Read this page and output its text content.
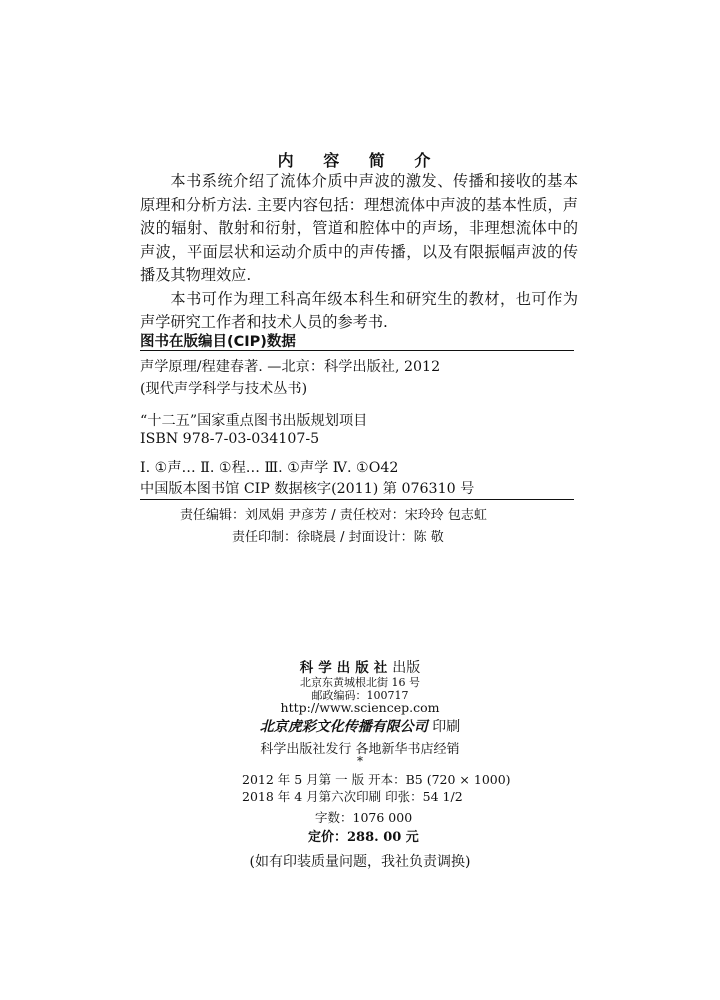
内 容 简 介

本书系统介绍了流体介质中声波的激发、传播和接收的基本原理和分析方法. 主要内容包括：理想流体中声波的基本性质，声波的辐射、散射和衍射，管道和腔体中的声场，非理想流体中的声波，平面层状和运动介质中的声传播，以及有限振幅声波的传播及其物理效应.

本书可作为理工科高年级本科生和研究生的教材，也可作为声学研究工作者和技术人员的参考书.

图书在版编目(CIP)数据
声学原理/程建春著. —北京：科学出版社, 2012
(现代声学科学与技术丛书)
“十二五”国家重点图书出版规划项目
ISBN 978-7-03-034107-5
Ⅰ. ①声… Ⅱ. ①程… Ⅲ. ①声学 Ⅳ. ①O42
中国版本图书馆 CIP 数据核字(2011) 第 076310 号
责任编辑：刘凤娟 尹彦芳 / 责任校对：宋玲玲 包志虹
责任印制：徐晓晨 / 封面设计：陈 敬
科学出版社出版
北京东黄城根北街 16 号
邮政编码：100717
http://www.sciencep.com
北京虎彩文化传播有限公司 印刷
科学出版社发行 各地新华书店经销
*
2012 年 5 月第 一 版 开本：B5 (720 × 1000)
2018 年 4 月第六次印刷 印张：54 1/2
字数：1076 000
定价：288. 00 元
(如有印装质量问题，我社负责调换)
